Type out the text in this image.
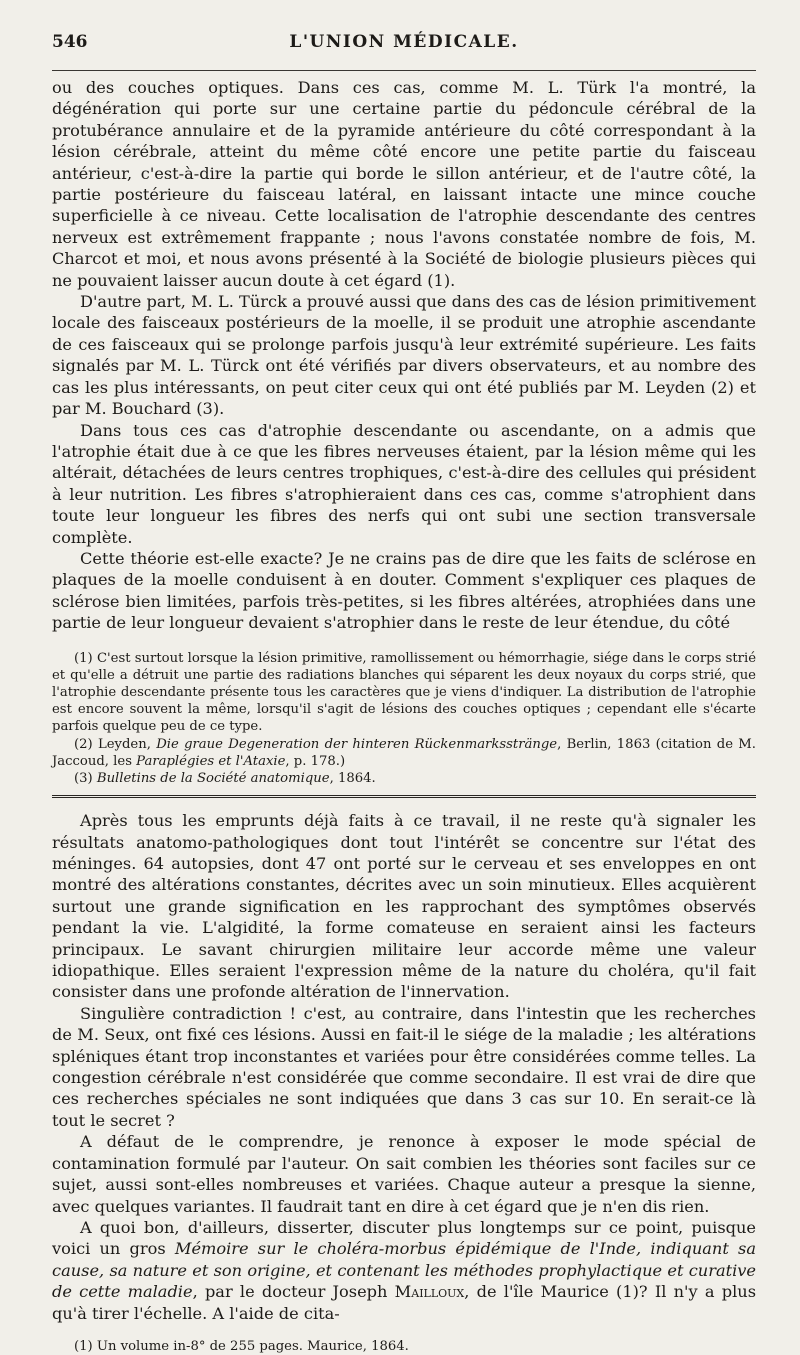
546	L'UNION MÉDICALE.

ou des couches optiques. Dans ces cas, comme M. L. Türk l'a montré, la dégénération qui porte sur une certaine partie du pédoncule cérébral de la protubérance annulaire et de la pyramide antérieure du côté correspondant à la lésion cérébrale, atteint du même côté encore une petite partie du faisceau antérieur, c'est-à-dire la partie qui borde le sillon antérieur, et de l'autre côté, la partie postérieure du faisceau latéral, en laissant intacte une mince couche superficielle à ce niveau. Cette localisation de l'atrophie descendante des centres nerveux est extrêmement frappante ; nous l'avons constatée nombre de fois, M. Charcot et moi, et nous avons présenté à la Société de biologie plusieurs pièces qui ne pouvaient laisser aucun doute à cet égard (1).

D'autre part, M. L. Türck a prouvé aussi que dans des cas de lésion primitivement locale des faisceaux postérieurs de la moelle, il se produit une atrophie ascendante de ces faisceaux qui se prolonge parfois jusqu'à leur extrémité supérieure. Les faits signalés par M. L. Türck ont été vérifiés par divers observateurs, et au nombre des cas les plus intéressants, on peut citer ceux qui ont été publiés par M. Leyden (2) et par M. Bouchard (3).

Dans tous ces cas d'atrophie descendante ou ascendante, on a admis que l'atrophie était due à ce que les fibres nerveuses étaient, par la lésion même qui les altérait, détachées de leurs centres trophiques, c'est-à-dire des cellules qui président à leur nutrition. Les fibres s'atrophieraient dans ces cas, comme s'atrophient dans toute leur longueur les fibres des nerfs qui ont subi une section transversale complète.

Cette théorie est-elle exacte? Je ne crains pas de dire que les faits de sclérose en plaques de la moelle conduisent à en douter. Comment s'expliquer ces plaques de sclérose bien limitées, parfois très-petites, si les fibres altérées, atrophiées dans une partie de leur longueur devaient s'atrophier dans le reste de leur étendue, du côté

(1) C'est surtout lorsque la lésion primitive, ramollissement ou hémorrhagie, siége dans le corps strié et qu'elle a détruit une partie des radiations blanches qui séparent les deux noyaux du corps strié, que l'atrophie descendante présente tous les caractères que je viens d'indiquer. La distribution de l'atrophie est encore souvent la même, lorsqu'il s'agit de lésions des couches optiques ; cependant elle s'écarte parfois quelque peu de ce type.

(2) Leyden, Die graue Degeneration der hinteren Rückenmarksstränge, Berlin, 1863 (citation de M. Jaccoud, les Paraplégies et l'Ataxie, p. 178.)

(3) Bulletins de la Société anatomique, 1864.

Après tous les emprunts déjà faits à ce travail, il ne reste qu'à signaler les résultats anatomo-pathologiques dont tout l'intérêt se concentre sur l'état des méninges. 64 autopsies, dont 47 ont porté sur le cerveau et ses enveloppes en ont montré des altérations constantes, décrites avec un soin minutieux. Elles acquièrent surtout une grande signification en les rapprochant des symptômes observés pendant la vie. L'algidité, la forme comateuse en seraient ainsi les facteurs principaux. Le savant chirurgien militaire leur accorde même une valeur idiopathique. Elles seraient l'expression même de la nature du choléra, qu'il fait consister dans une profonde altération de l'innervation.

Singulière contradiction ! c'est, au contraire, dans l'intestin que les recherches de M. Seux, ont fixé ces lésions. Aussi en fait-il le siége de la maladie ; les altérations spléniques étant trop inconstantes et variées pour être considérées comme telles. La congestion cérébrale n'est considérée que comme secondaire. Il est vrai de dire que ces recherches spéciales ne sont indiquées que dans 3 cas sur 10. En serait-ce là tout le secret ?

A défaut de le comprendre, je renonce à exposer le mode spécial de contamination formulé par l'auteur. On sait combien les théories sont faciles sur ce sujet, aussi sont-elles nombreuses et variées. Chaque auteur a presque la sienne, avec quelques variantes. Il faudrait tant en dire à cet égard que je n'en dis rien.

A quoi bon, d'ailleurs, disserter, discuter plus longtemps sur ce point, puisque voici un gros Mémoire sur le choléra-morbus épidémique de l'Inde, indiquant sa cause, sa nature et son origine, et contenant les méthodes prophylactique et curative de cette maladie, par le docteur Joseph Mailloux, de l'île Maurice (1)? Il n'y a plus qu'à tirer l'échelle. A l'aide de cita-

(1) Un volume in-8° de 255 pages. Maurice, 1864.
